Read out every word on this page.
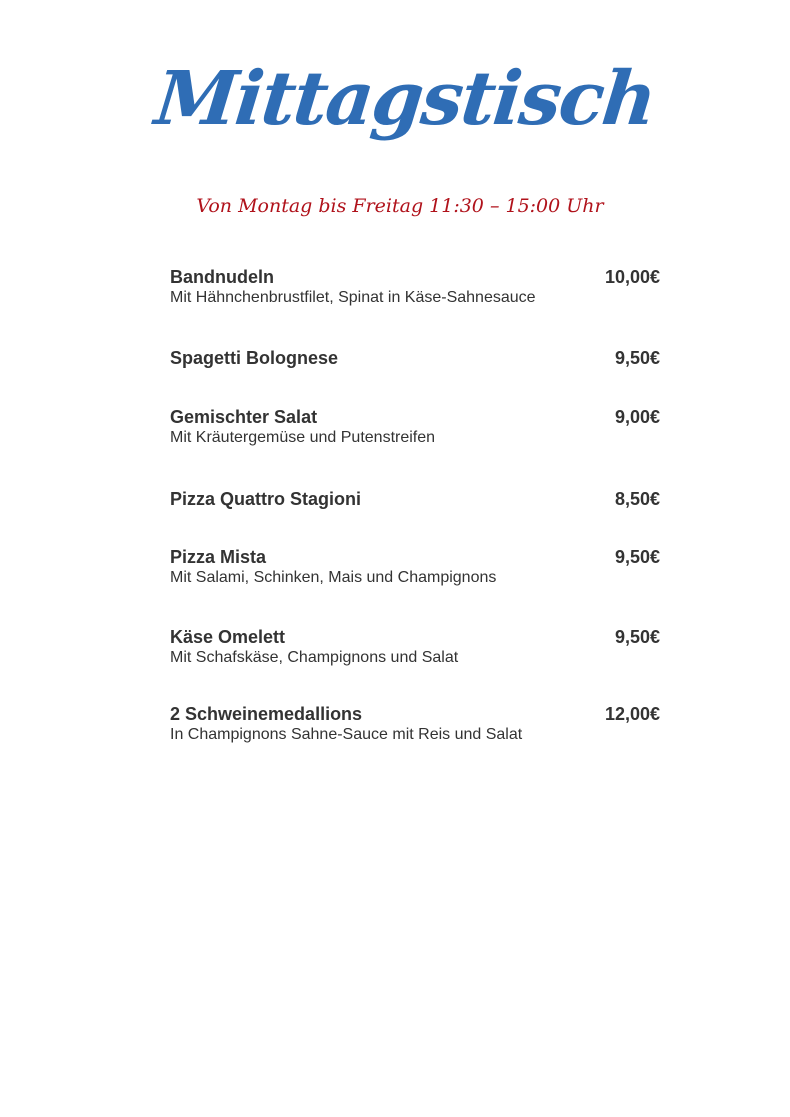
Mittagstisch
Von Montag bis Freitag 11:30 – 15:00 Uhr
Bandnudeln
Mit Hähnchenbrustfilet, Spinat in Käse-Sahnesauce
10,00€
Spagetti Bolognese	9,50€
Gemischter Salat
Mit Kräutergemüse und Putenstreifen
9,00€
Pizza Quattro Stagioni	8,50€
Pizza Mista
Mit Salami, Schinken, Mais und Champignons
9,50€
Käse Omelett
Mit Schafskäse, Champignons und Salat
9,50€
2 Schweinemedallions
In Champignons Sahne-Sauce mit Reis und Salat
12,00€
